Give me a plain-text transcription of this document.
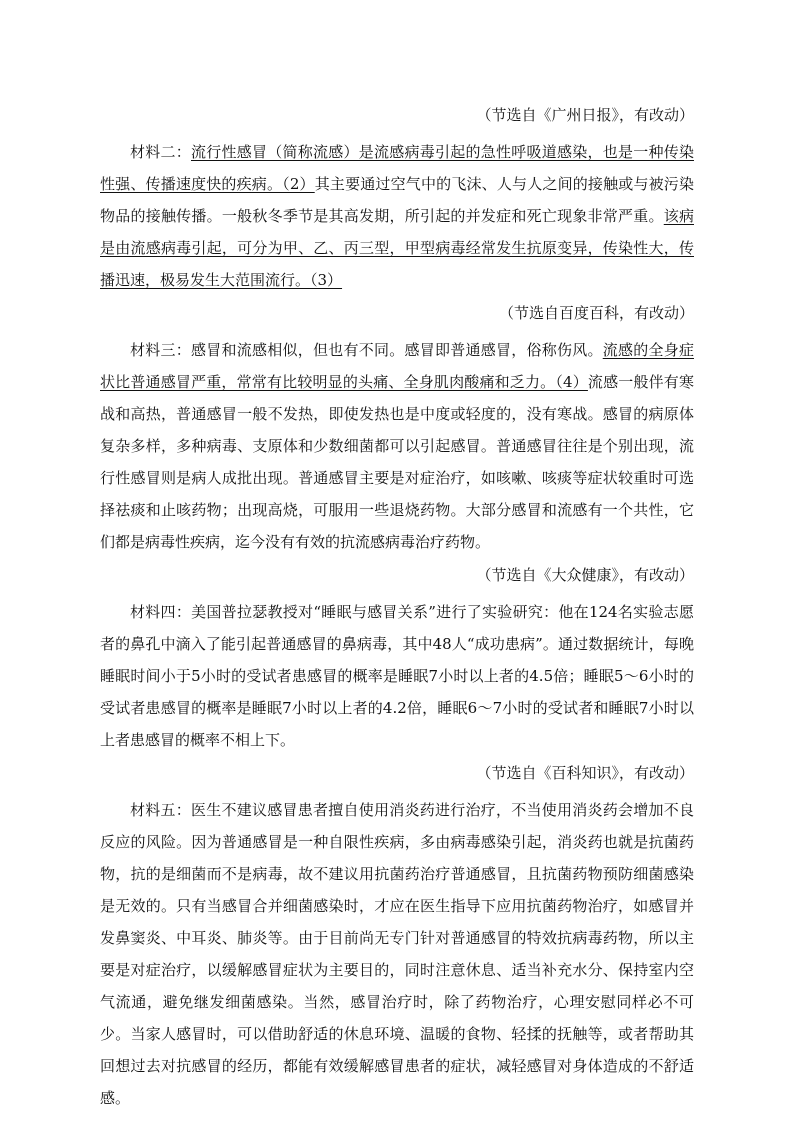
（节选自《广州日报》，有改动）

材料二：流行性感冒（简称流感）是流感病毒引起的急性呼吸道感染，也是一种传染性强、传播速度快的疾病。（2）其主要通过空气中的飞沫、人与人之间的接触或与被污染物品的接触传播。一般秋冬季节是其高发期，所引起的并发症和死亡现象非常严重。该病是由流感病毒引起，可分为甲、乙、丙三型，甲型病毒经常发生抗原变异，传染性大，传播迅速，极易发生大范围流行。（3）

（节选自百度百科，有改动）

材料三：感冒和流感相似，但也有不同。感冒即普通感冒，俗称伤风。流感的全身症状比普通感冒严重，常常有比较明显的头痛、全身肌肉酸痛和乏力。（4）流感一般伴有寒战和高热，普通感冒一般不发热，即使发热也是中度或轻度的，没有寒战。感冒的病原体复杂多样，多种病毒、支原体和少数细菌都可以引起感冒。普通感冒往往是个别出现，流行性感冒则是病人成批出现。普通感冒主要是对症治疗，如咳嗽、咳痰等症状较重时可选择祛痰和止咳药物；出现高烧，可服用一些退烧药物。大部分感冒和流感有一个共性，它们都是病毒性疾病，迄今没有有效的抗流感病毒治疗药物。

（节选自《大众健康》，有改动）

材料四：美国普拉瑟教授对“睡眠与感冒关系”进行了实验研究：他在124名实验志愿者的鼻孔中滴入了能引起普通感冒的鼻病毒，其中48人“成功患病”。通过数据统计，每晚睡眠时间小于5小时的受试者患感冒的概率是睡眠7小时以上者的4.5倍；睡眠5～6小时的受试者患感冒的概率是睡眠7小时以上者的4.2倍，睡眠6～7小时的受试者和睡眠7小时以上者患感冒的概率不相上下。

（节选自《百科知识》，有改动）

材料五：医生不建议感冒患者擅自使用消炎药进行治疗，不当使用消炎药会增加不良反应的风险。因为普通感冒是一种自限性疾病，多由病毒感染引起，消炎药也就是抗菌药物，抗的是细菌而不是病毒，故不建议用抗菌药治疗普通感冒，且抗菌药物预防细菌感染是无效的。只有当感冒合并细菌感染时，才应在医生指导下应用抗菌药物治疗，如感冒并发鼻窦炎、中耳炎、肺炎等。由于目前尚无专门针对普通感冒的特效抗病毒药物，所以主要是对症治疗，以缓解感冒症状为主要目的，同时注意休息、适当补充水分、保持室内空气流通，避免继发细菌感染。当然，感冒治疗时，除了药物治疗，心理安慰同样必不可少。当家人感冒时，可以借助舒适的休息环境、温暖的食物、轻揉的抚触等，或者帮助其回想过去对抗感冒的经历，都能有效缓解感冒患者的症状，减轻感冒对身体造成的不舒适感。
